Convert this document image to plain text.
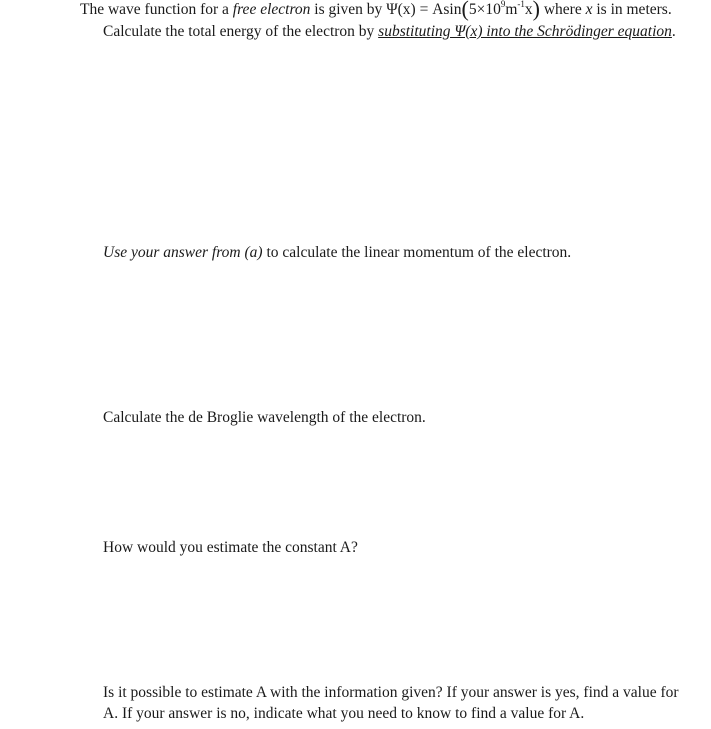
The wave function for a free electron is given by $\Psi(x) = Asin(5\times 10^9m^{-1}x)$ where x is in meters.
Calculate the total energy of the electron by substituting Ψ(x) into the Schrödinger equation.
Use your answer from (a) to calculate the linear momentum of the electron.
Calculate the de Broglie wavelength of the electron.
How would you estimate the constant A?
Is it possible to estimate A with the information given? If your answer is yes, find a value for
A. If your answer is no, indicate what you need to know to find a value for A.
